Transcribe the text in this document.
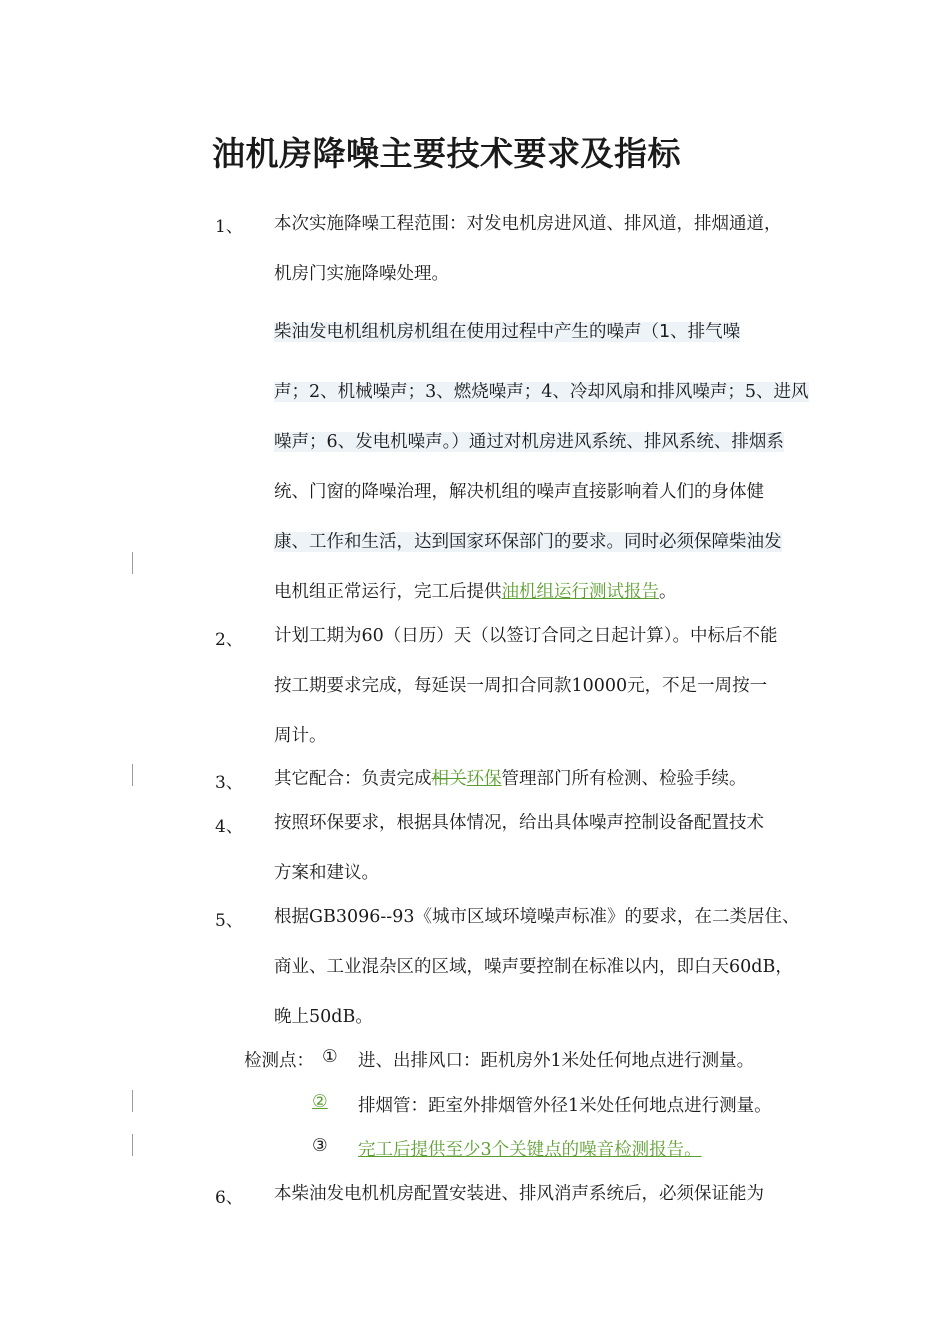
油机房降噪主要技术要求及指标
1、 本次实施降噪工程范围：对发电机房进风道、排风道，排烟通道，
机房门实施降噪处理。
柴油发电机组机房机组在使用过程中产生的噪声（1、排气噪
声；2、机械噪声；3、燃烧噪声；4、冷却风扇和排风噪声；5、进风
噪声；6、发电机噪声。）通过对机房进风系统、排风系统、排烟系
统、门窗的降噪治理，解决机组的噪声直接影响着人们的身体健
康、工作和生活，达到国家环保部门的要求。同时必须保障柴油发
电机组正常运行，完工后提供油机组运行测试报告。
2、 计划工期为60（日历）天（以签订合同之日起计算）。中标后不能
按工期要求完成，每延误一周扣合同款10000元，不足一周按一
周计。
3、 其它配合：负责完成相关环保管理部门所有检测、检验手续。
4、 按照环保要求，根据具体情况，给出具体噪声控制设备配置技术
方案和建议。
5、 根据GB3096--93《城市区域环境噪声标准》的要求，在二类居住、
商业、工业混杂区的区域，噪声要控制在标准以内，即白天60dB，
晚上50dB。
检测点： ① 进、出排风口：距机房外1米处任何地点进行测量。
②	排烟管：距室外排烟管外径1米处任何地点进行测量。
③ 完工后提供至少3个关键点的噪音检测报告。
6、 本柴油发电机机房配置安装进、排风消声系统后，必须保证能为
